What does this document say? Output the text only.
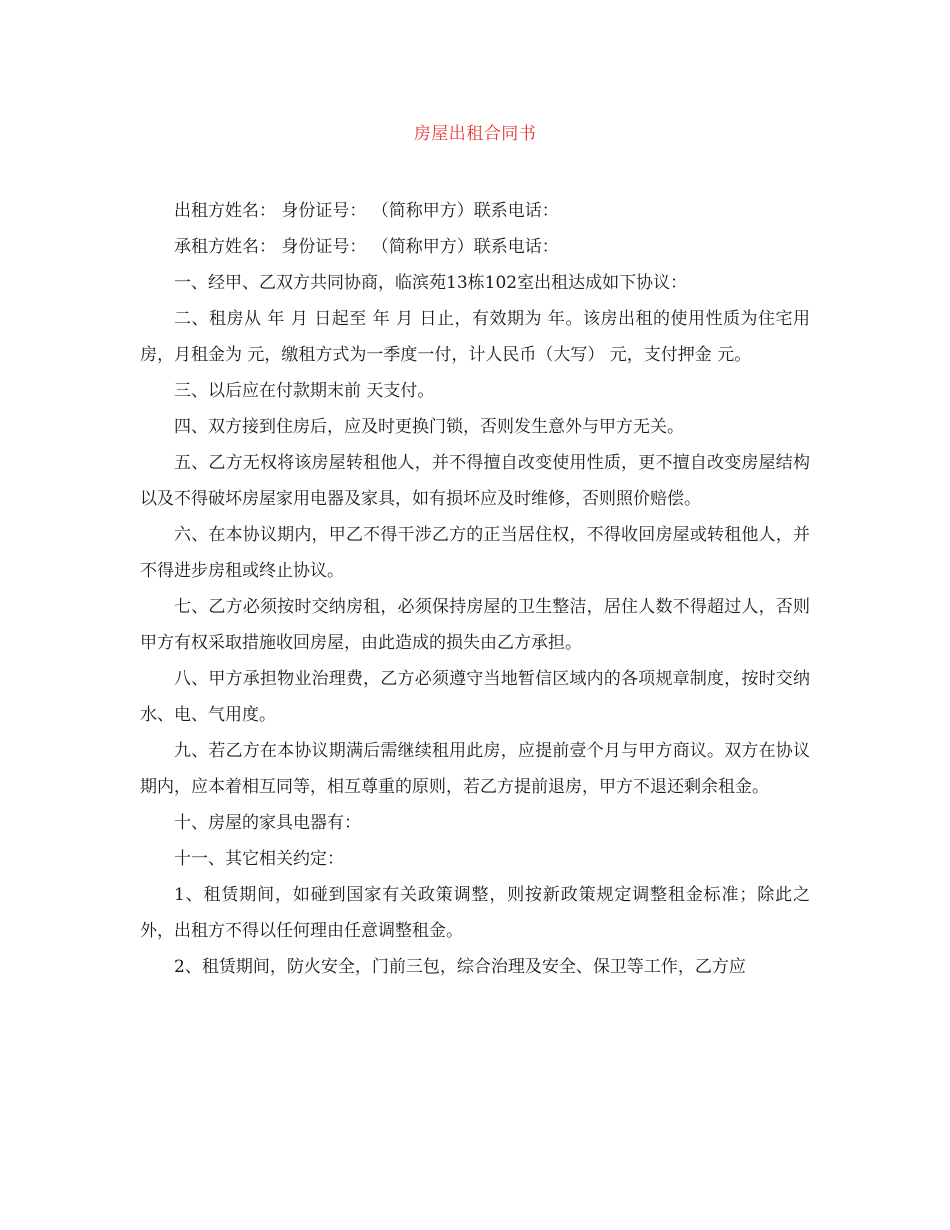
房屋出租合同书

出租方姓名： 身份证号： （简称甲方）联系电话：

承租方姓名： 身份证号： （简称甲方）联系电话：

一、经甲、乙双方共同协商，临滨苑13栋102室出租达成如下协议：

二、租房从 年 月 日起至 年 月 日止，有效期为 年。该房出租的使用性质为住宅用房，月租金为 元，缴租方式为一季度一付，计人民币（大写） 元，支付押金 元。

三、以后应在付款期末前 天支付。

四、双方接到住房后，应及时更换门锁，否则发生意外与甲方无关。

五、乙方无权将该房屋转租他人，并不得擅自改变使用性质，更不擅自改变房屋结构以及不得破坏房屋家用电器及家具，如有损坏应及时维修，否则照价赔偿。

六、在本协议期内，甲乙不得干涉乙方的正当居住权，不得收回房屋或转租他人，并不得进步房租或终止协议。

七、乙方必须按时交纳房租，必须保持房屋的卫生整洁，居住人数不得超过人，否则甲方有权采取措施收回房屋，由此造成的损失由乙方承担。

八、甲方承担物业治理费，乙方必须遵守当地暂信区域内的各项规章制度，按时交纳水、电、气用度。

九、若乙方在本协议期满后需继续租用此房，应提前壹个月与甲方商议。双方在协议期内，应本着相互同等，相互尊重的原则，若乙方提前退房，甲方不退还剩余租金。

十、房屋的家具电器有：

十一、其它相关约定：

1、租赁期间，如碰到国家有关政策调整，则按新政策规定调整租金标准；除此之外，出租方不得以任何理由任意调整租金。

2、租赁期间，防火安全，门前三包，综合治理及安全、保卫等工作，乙方应
